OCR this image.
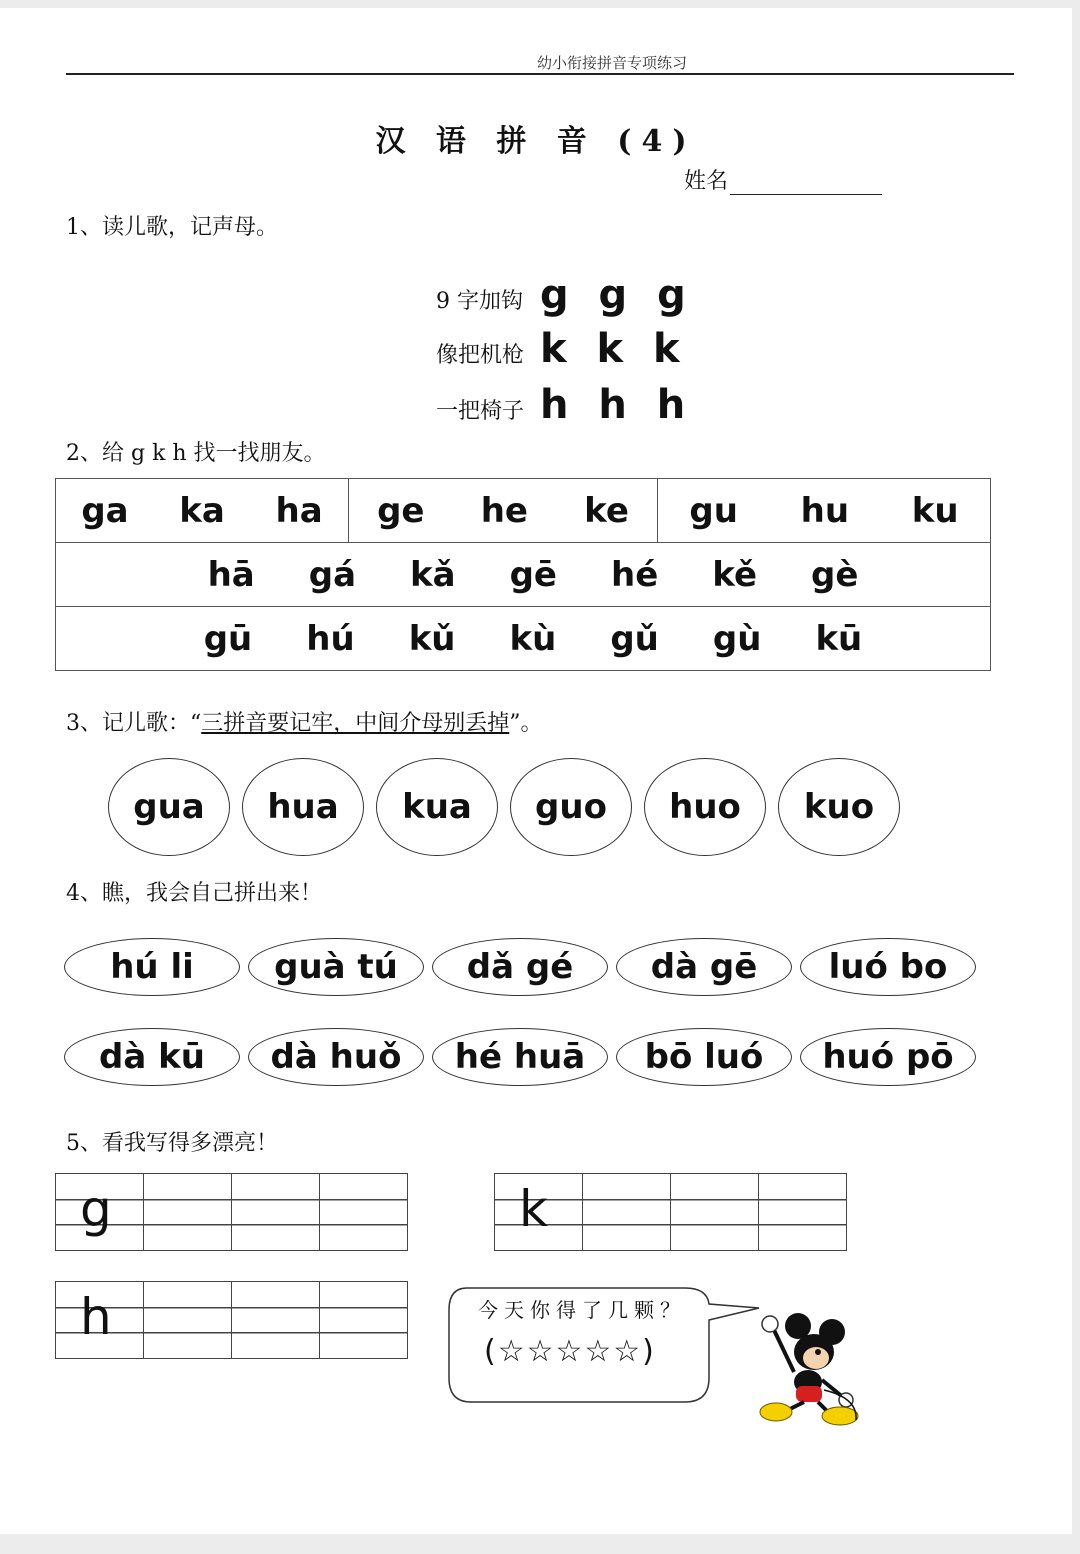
幼小衔接拼音专项练习
汉 语 拼 音 (4)
姓名
1、读儿歌，记声母。
9 字加钩 g g g
像把机枪 k k k
一把椅子 h h h
2、给 g k h 找一找朋友。
ga ka ha	ge he ke	gu hu ku

hā gá kǎ gē hé kě gè

gū hú kǔ kù gǔ gù kū
3、记儿歌：“三拼音要记牢，中间介母别丢掉”。
gua	hua	kua	guo	huo	kuo
4、瞧，我会自己拼出来！
hú li	guà tú	dǎ gé	dà gē	luó bo
dà kū	dà huǒ	hé huā	bō luó	huó pō
5、看我写得多漂亮！
g	k
h	今天你得了几颗？
(☆☆☆☆☆)
